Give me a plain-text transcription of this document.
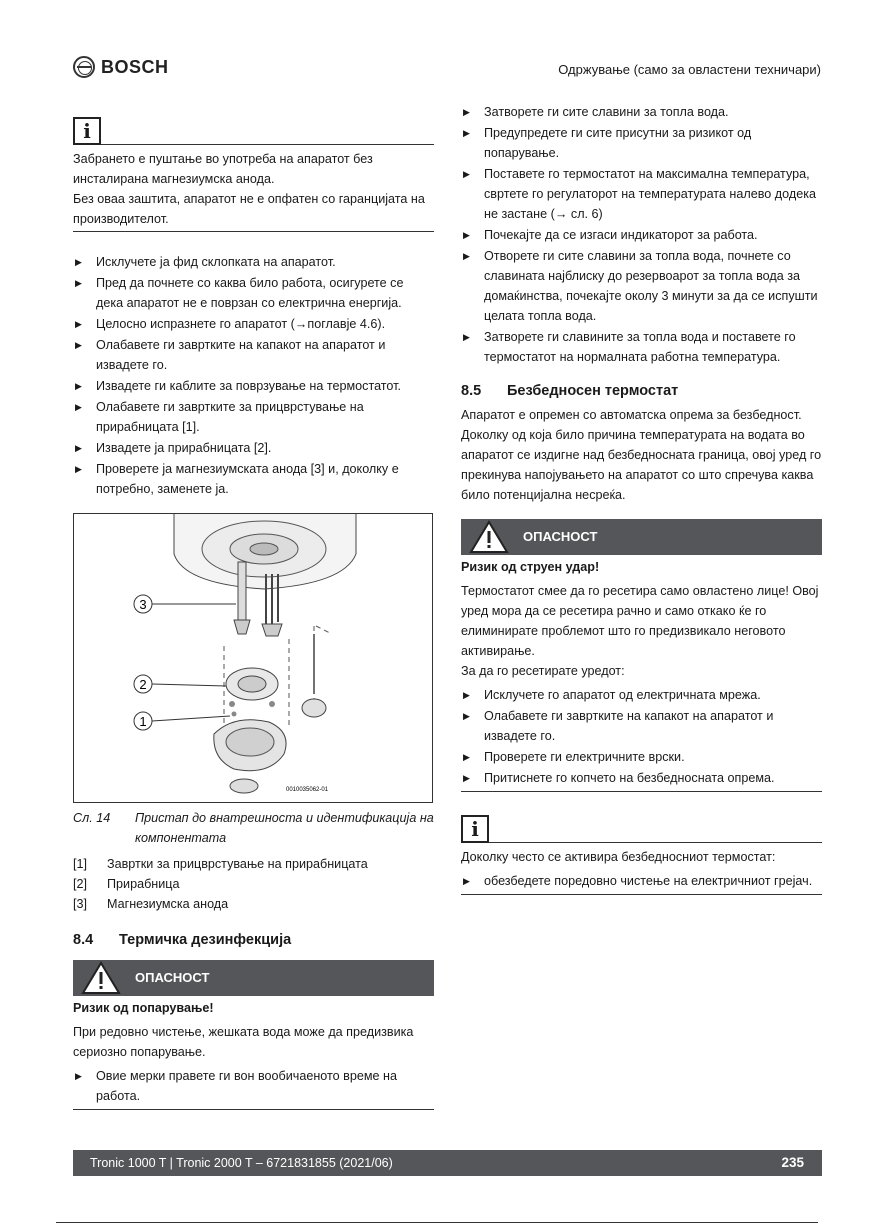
BOSCH	Одржување (само за овластени техничари)
i

Забрането е пуштање во употреба на апаратот без инсталирана магнезиумска анода.

Без оваа заштита, апаратот не е опфатен со гаранцијата на производителот.

▶ Исклучете ја фид склопката на апаратот.
▶ Пред да почнете со каква било работа, осигурете се дека апаратот не е поврзан со електрична енергија.
▶ Целосно испразнете го апаратот (→поглавје 4.6).
▶ Олабавете ги завртките на капакот на апаратот и извадете го.
▶ Извадете ги каблите за поврзување на термостатот.
▶ Олабавете ги завртките за прицврстување на прирабницата [1].
▶ Извадете ја прирабницата [2].
▶ Проверете ја магнезиумската анода [3] и, доколку е потребно, заменете ја.
3
2
1
0010035062-01
Сл. 14	Пристап до внатрешноста и идентификација на компонентата
[1]	Завртки за прицврстување на прирабницата
[2]	Прирабница
[3]	Магнезиумска анода
8.4	Термичка дезинфекција
ОПАСНОСТ
Ризик од попарување!
При редовно чистење, жешката вода може да предизвика сериозно попарување.
▶ Овие мерки правете ги вон вообичаеното време на работа.
▶ Затворете ги сите славини за топла вода.
▶ Предупредете ги сите присутни за ризикот од попарување.
▶ Поставете го термостатот на максимална температура, свртете го регулаторот на температурата налево додека не застане (→ сл. 6)
▶ Почекајте да се изгаси индикаторот за работа.
▶ Отворете ги сите славини за топла вода, почнете со славината најблиску до резервоарот за топла вода за домаќинства, почекајте околу 3 минути за да се испушти целата топла вода.
▶ Затворете ги славините за топла вода и поставете го термостатот на нормалната работна температура.
8.5	Безбедносен термостат
Апаратот е опремен со автоматска опрема за безбедност. Доколку од која било причина температурата на водата во апаратот се издигне над безбедносната граница, овој уред го прекинува напојувањето на апаратот со што спречува каква било потенцијална несреќа.
ОПАСНОСТ
Ризик од струен удар!
Термостатот смее да го ресетира само овластено лице! Овој уред мора да се ресетира рачно и само откако ќе го елиминирате проблемот што го предизвикало неговото активирање.
За да го ресетирате уредот:
▶ Исклучете го апаратот од електричната мрежа.
▶ Олабавете ги завртките на капакот на апаратот и извадете го.
▶ Проверете ги електричните врски.
▶ Притиснете го копчето на безбедносната опрема.
i

Доколку често се активира безбедносниот термостат:

▶ обезбедете поредовно чистење на електричниот грејач.
Tronic 1000 T | Tronic 2000 T – 6721831855 (2021/06)	235
